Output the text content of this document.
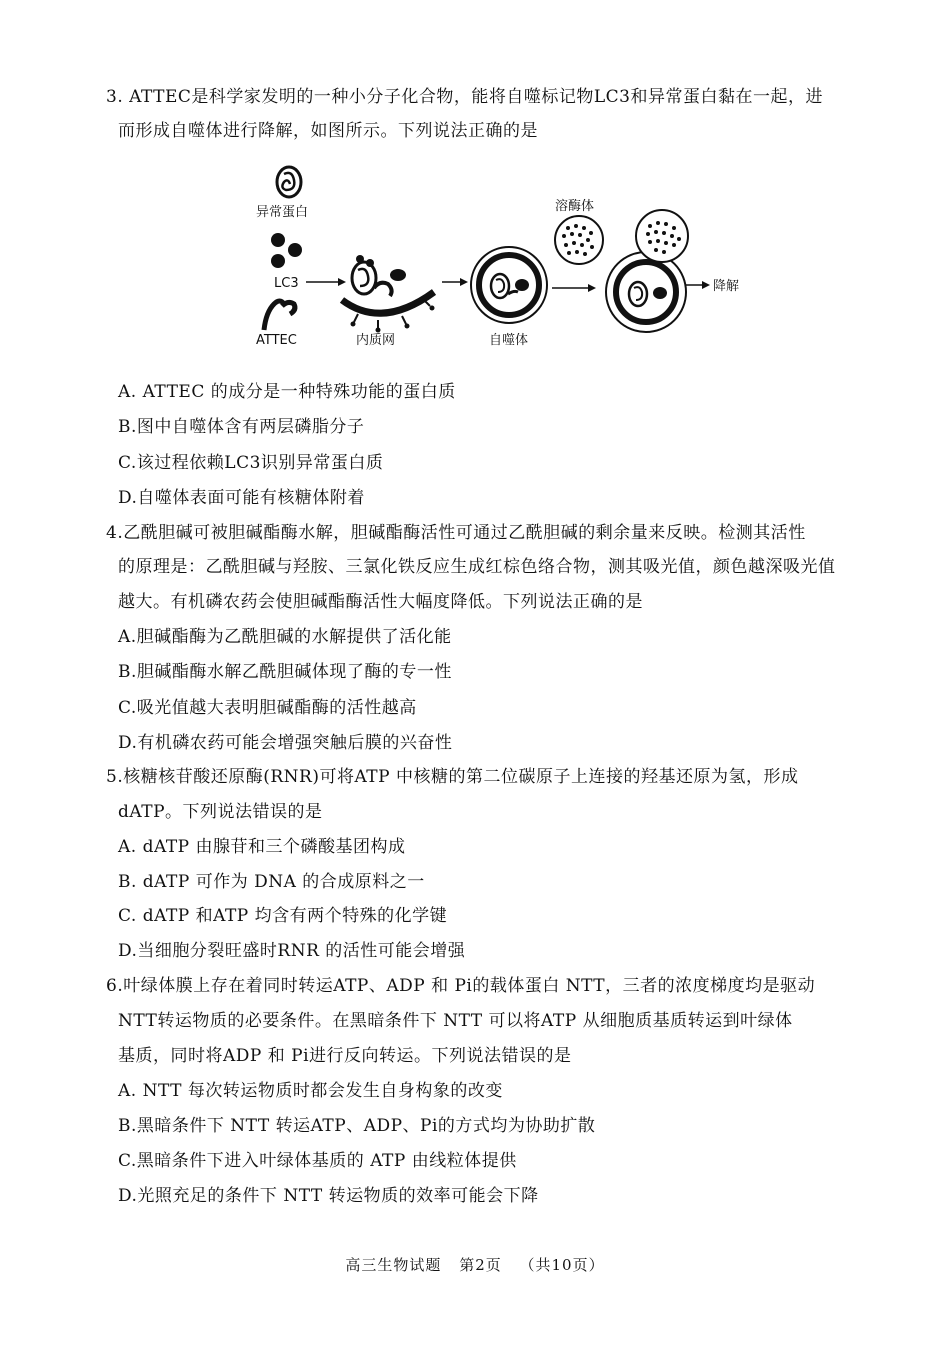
3. ATTEC是科学家发明的一种小分子化合物，能将自噬标记物LC3和异常蛋白黏在一起，进
而形成自噬体进行降解，如图所示。下列说法正确的是
异常蛋白
LC3
ATTEC	内质网	自噬体
溶酶体
降解
A. ATTEC 的成分是一种特殊功能的蛋白质
B.图中自噬体含有两层磷脂分子
C.该过程依赖LC3识别异常蛋白质
D.自噬体表面可能有核糖体附着
4.乙酰胆碱可被胆碱酯酶水解，胆碱酯酶活性可通过乙酰胆碱的剩余量来反映。检测其活性
的原理是：乙酰胆碱与羟胺、三氯化铁反应生成红棕色络合物，测其吸光值，颜色越深吸光值
越大。有机磷农药会使胆碱酯酶活性大幅度降低。下列说法正确的是
A.胆碱酯酶为乙酰胆碱的水解提供了活化能
B.胆碱酯酶水解乙酰胆碱体现了酶的专一性
C.吸光值越大表明胆碱酯酶的活性越高
D.有机磷农药可能会增强突触后膜的兴奋性
5.核糖核苷酸还原酶(RNR)可将ATP 中核糖的第二位碳原子上连接的羟基还原为氢，形成
dATP。下列说法错误的是
A. dATP 由腺苷和三个磷酸基团构成
B. dATP 可作为 DNA 的合成原料之一
C. dATP 和ATP 均含有两个特殊的化学键
D.当细胞分裂旺盛时RNR 的活性可能会增强
6.叶绿体膜上存在着同时转运ATP、ADP 和 Pi的载体蛋白 NTT，三者的浓度梯度均是驱动
NTT转运物质的必要条件。在黑暗条件下 NTT 可以将ATP 从细胞质基质转运到叶绿体
基质，同时将ADP 和 Pi进行反向转运。下列说法错误的是
A. NTT 每次转运物质时都会发生自身构象的改变
B.黑暗条件下 NTT 转运ATP、ADP、Pi的方式均为协助扩散
C.黑暗条件下进入叶绿体基质的 ATP 由线粒体提供
D.光照充足的条件下 NTT 转运物质的效率可能会下降
高三生物试题 第2页 （共10页）
